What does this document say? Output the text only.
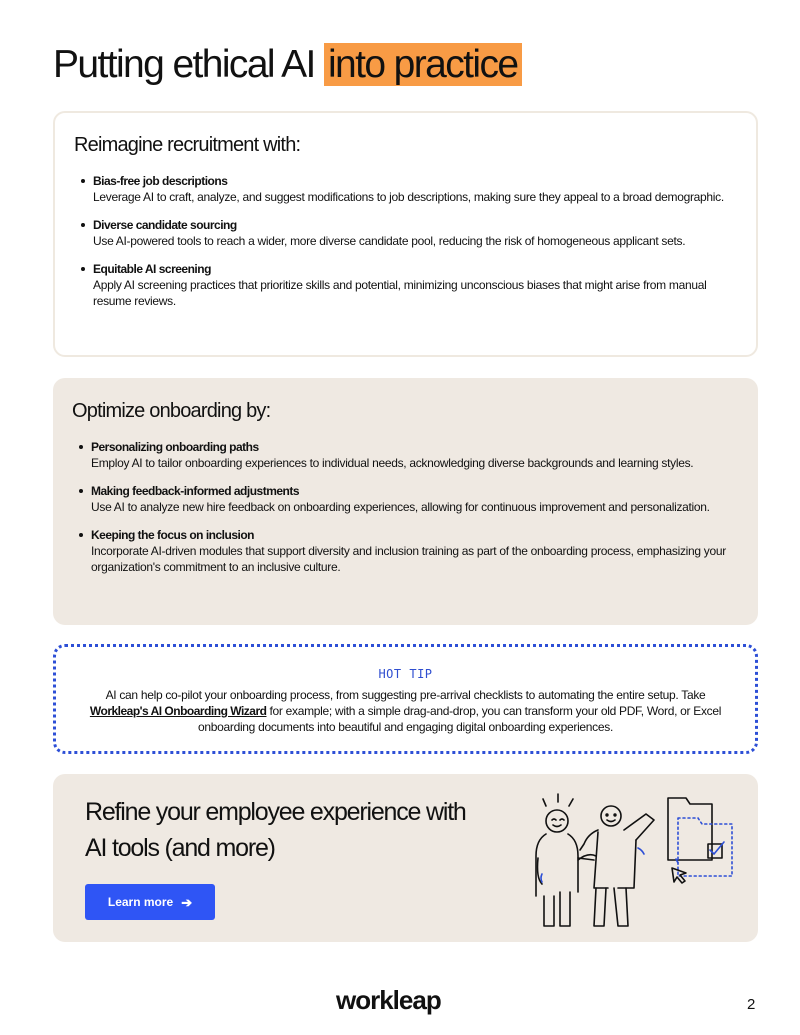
Putting ethical AI into practice
Reimagine recruitment with:
Bias-free job descriptions
Leverage AI to craft, analyze, and suggest modifications to job descriptions, making sure they appeal to a broad demographic.
Diverse candidate sourcing
Use AI-powered tools to reach a wider, more diverse candidate pool, reducing the risk of homogeneous applicant sets.
Equitable AI screening
Apply AI screening practices that prioritize skills and potential, minimizing unconscious biases that might arise from manual resume reviews.
Optimize onboarding by:
Personalizing onboarding paths
Employ AI to tailor onboarding experiences to individual needs, acknowledging diverse backgrounds and learning styles.
Making feedback-informed adjustments
Use AI to analyze new hire feedback on onboarding experiences, allowing for continuous improvement and personalization.
Keeping the focus on inclusion
Incorporate AI-driven modules that support diversity and inclusion training as part of the onboarding process, emphasizing your organization's commitment to an inclusive culture.
HOT TIP

AI can help co-pilot your onboarding process, from suggesting pre-arrival checklists to automating the entire setup. Take Workleap's AI Onboarding Wizard for example; with a simple drag-and-drop, you can transform your old PDF, Word, or Excel onboarding documents into beautiful and engaging digital onboarding experiences.

Refine your employee experience with AI tools (and more)
Learn more ➔
workleap	2
